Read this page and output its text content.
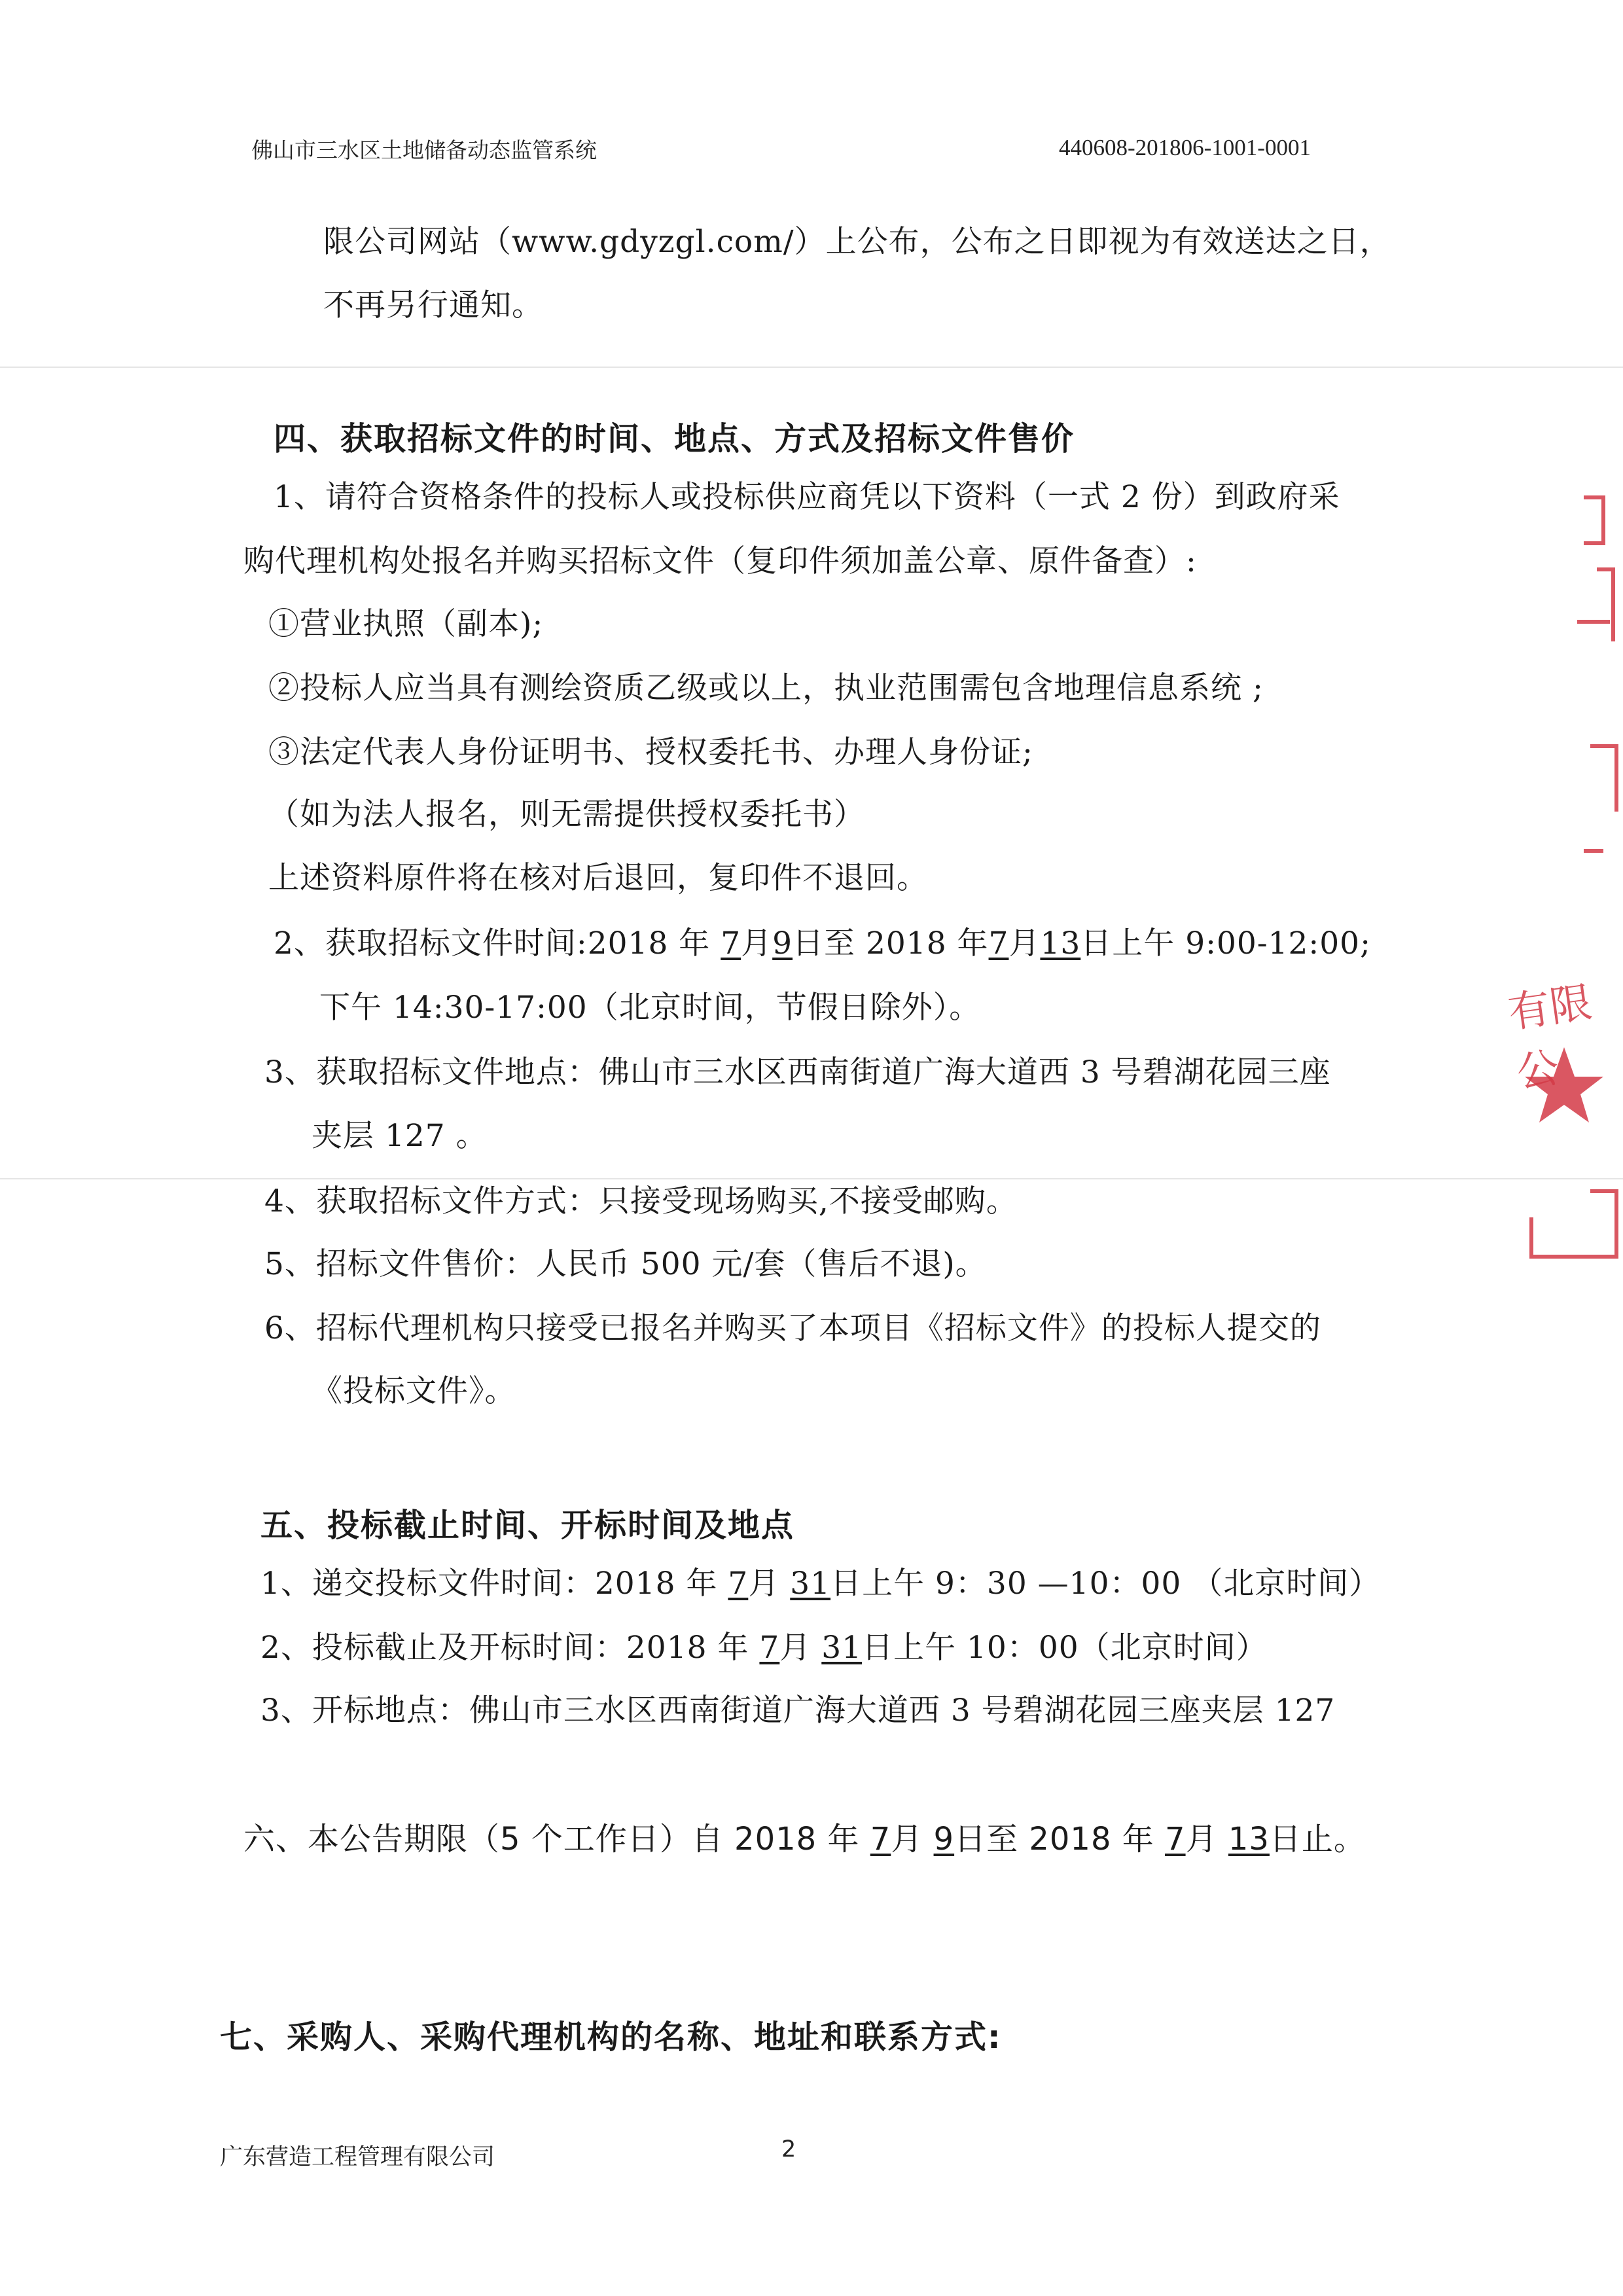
佛山市三水区土地储备动态监管系统	440608-201806-1001-0001
限公司网站（www.gdyzgl.com/）上公布，公布之日即视为有效送达之日，
不再另行通知。
四、获取招标文件的时间、地点、方式及招标文件售价
1、请符合资格条件的投标人或投标供应商凭以下资料（一式 2 份）到政府采
购代理机构处报名并购买招标文件（复印件须加盖公章、原件备查）:
①营业执照（副本);
②投标人应当具有测绘资质乙级或以上，执业范围需包含地理信息系统 ;
③法定代表人身份证明书、授权委托书、办理人身份证;
（如为法人报名，则无需提供授权委托书）
上述资料原件将在核对后退回，复印件不退回。
2、获取招标文件时间:2018 年 7月9日至 2018 年7月13日上午 9:00-12:00;
下午 14:30-17:00（北京时间，节假日除外）。
3、获取招标文件地点：佛山市三水区西南街道广海大道西 3 号碧湖花园三座
夹层 127 。
4、获取招标文件方式：只接受现场购买,不接受邮购。
5、招标文件售价：人民币 500 元/套（售后不退)。
6、招标代理机构只接受已报名并购买了本项目《招标文件》的投标人提交的
《投标文件》。
五、投标截止时间、开标时间及地点
1、递交投标文件时间：2018 年 7月 31日上午 9：30 —10：00 （北京时间）
2、投标截止及开标时间：2018 年 7月 31日上午 10：00（北京时间）
3、开标地点：佛山市三水区西南街道广海大道西 3 号碧湖花园三座夹层 127
六、本公告期限（5 个工作日）自 2018 年 7月 9日至 2018 年 7月 13日止。
七、采购人、采购代理机构的名称、地址和联系方式:
广东营造工程管理有限公司	2
有限公
